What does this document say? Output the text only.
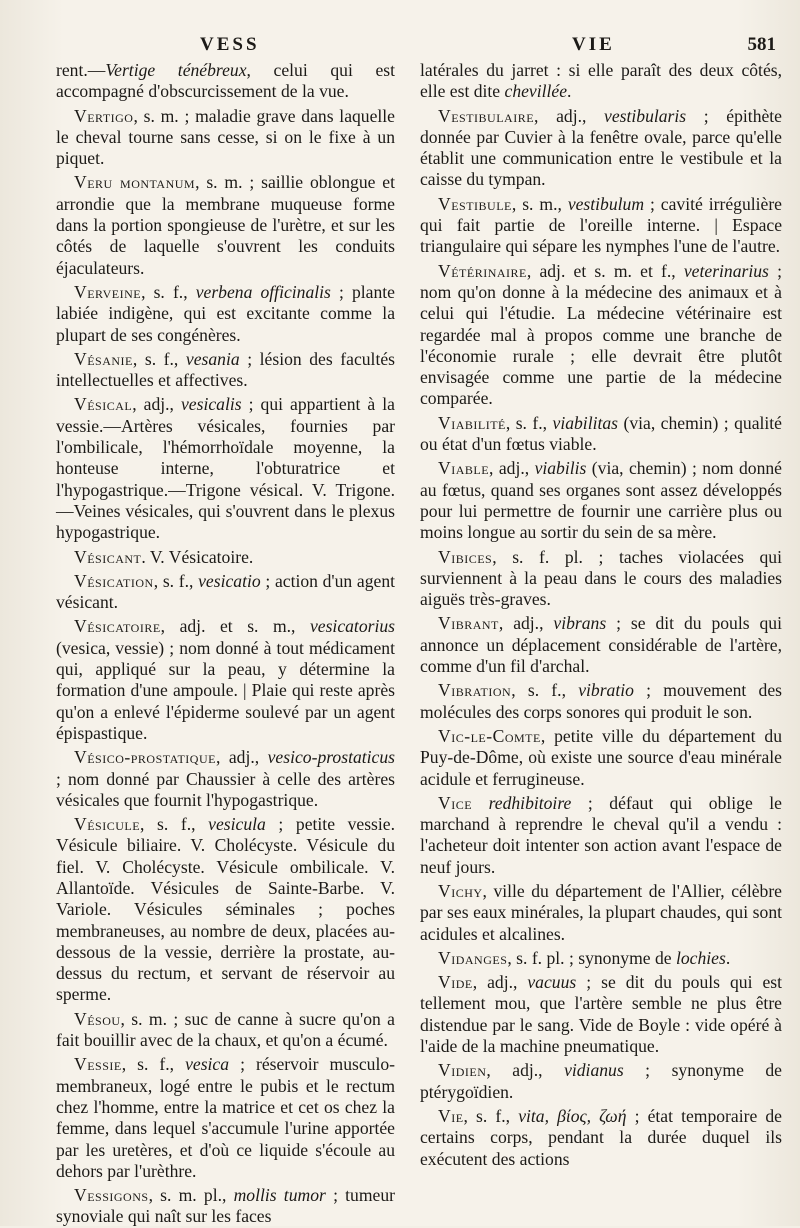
VESS	VIE	581

rent.—Vertige ténébreux, celui qui est accompagné d'obscurcissement de la vue.

Vertigo, s. m. ; maladie grave dans laquelle le cheval tourne sans cesse, si on le fixe à un piquet.

Veru montanum, s. m. ; saillie oblongue et arrondie que la membrane muqueuse forme dans la portion spongieuse de l'urètre, et sur les côtés de laquelle s'ouvrent les conduits éjaculateurs.

Verveine, s. f., verbena officinalis ; plante labiée indigène, qui est excitante comme la plupart de ses congénères.

Vésanie, s. f., vesania ; lésion des facultés intellectuelles et affectives.

Vésical, adj., vesicalis ; qui appartient à la vessie.—Artères vésicales, fournies par l'ombilicale, l'hémorrhoïdale moyenne, la honteuse interne, l'obturatrice et l'hypogastrique.—Trigone vésical. V. Trigone.—Veines vésicales, qui s'ouvrent dans le plexus hypogastrique.

Vésicant. V. Vésicatoire.

Vésication, s. f., vesicatio ; action d'un agent vésicant.

Vésicatoire, adj. et s. m., vesicatorius (vesica, vessie) ; nom donné à tout médicament qui, appliqué sur la peau, y détermine la formation d'une ampoule. | Plaie qui reste après qu'on a enlevé l'épiderme soulevé par un agent épispastique.

Vésico-prostatique, adj., vesico-prostaticus ; nom donné par Chaussier à celle des artères vésicales que fournit l'hypogastrique.

Vésicule, s. f., vesicula ; petite vessie. Vésicule biliaire. V. Cholécyste. Vésicule du fiel. V. Cholécyste. Vésicule ombilicale. V. Allantoïde. Vésicules de Sainte-Barbe. V. Variole. Vésicules séminales ; poches membraneuses, au nombre de deux, placées au-dessous de la vessie, derrière la prostate, au-dessus du rectum, et servant de réservoir au sperme.

Vésou, s. m. ; suc de canne à sucre qu'on a fait bouillir avec de la chaux, et qu'on a écumé.

Vessie, s. f., vesica ; réservoir musculo-membraneux, logé entre le pubis et le rectum chez l'homme, entre la matrice et cet os chez la femme, dans lequel s'accumule l'urine apportée par les uretères, et d'où ce liquide s'écoule au dehors par l'urèthre.

Vessigons, s. m. pl., mollis tumor ; tumeur synoviale qui naît sur les faces

latérales du jarret : si elle paraît des deux côtés, elle est dite chevillée.

Vestibulaire, adj., vestibularis ; épithète donnée par Cuvier à la fenêtre ovale, parce qu'elle établit une communication entre le vestibule et la caisse du tympan.

Vestibule, s. m., vestibulum ; cavité irrégulière qui fait partie de l'oreille interne. | Espace triangulaire qui sépare les nymphes l'une de l'autre.

Vétérinaire, adj. et s. m. et f., veterinarius ; nom qu'on donne à la médecine des animaux et à celui qui l'étudie. La médecine vétérinaire est regardée mal à propos comme une branche de l'économie rurale ; elle devrait être plutôt envisagée comme une partie de la médecine comparée.

Viabilité, s. f., viabilitas (via, chemin) ; qualité ou état d'un fœtus viable.

Viable, adj., viabilis (via, chemin) ; nom donné au fœtus, quand ses organes sont assez développés pour lui permettre de fournir une carrière plus ou moins longue au sortir du sein de sa mère.

Vibices, s. f. pl. ; taches violacées qui surviennent à la peau dans le cours des maladies aiguës très-graves.

Vibrant, adj., vibrans ; se dit du pouls qui annonce un déplacement considérable de l'artère, comme d'un fil d'archal.

Vibration, s. f., vibratio ; mouvement des molécules des corps sonores qui produit le son.

Vic-le-Comte, petite ville du département du Puy-de-Dôme, où existe une source d'eau minérale acidule et ferrugineuse.

Vice redhibitoire ; défaut qui oblige le marchand à reprendre le cheval qu'il a vendu : l'acheteur doit intenter son action avant l'espace de neuf jours.

Vichy, ville du département de l'Allier, célèbre par ses eaux minérales, la plupart chaudes, qui sont acidules et alcalines.

Vidanges, s. f. pl. ; synonyme de lochies.

Vide, adj., vacuus ; se dit du pouls qui est tellement mou, que l'artère semble ne plus être distendue par le sang. Vide de Boyle : vide opéré à l'aide de la machine pneumatique.

Vidien, adj., vidianus ; synonyme de ptérygoïdien.

Vie, s. f., vita, βίος, ζωή ; état temporaire de certains corps, pendant la durée duquel ils exécutent des actions
